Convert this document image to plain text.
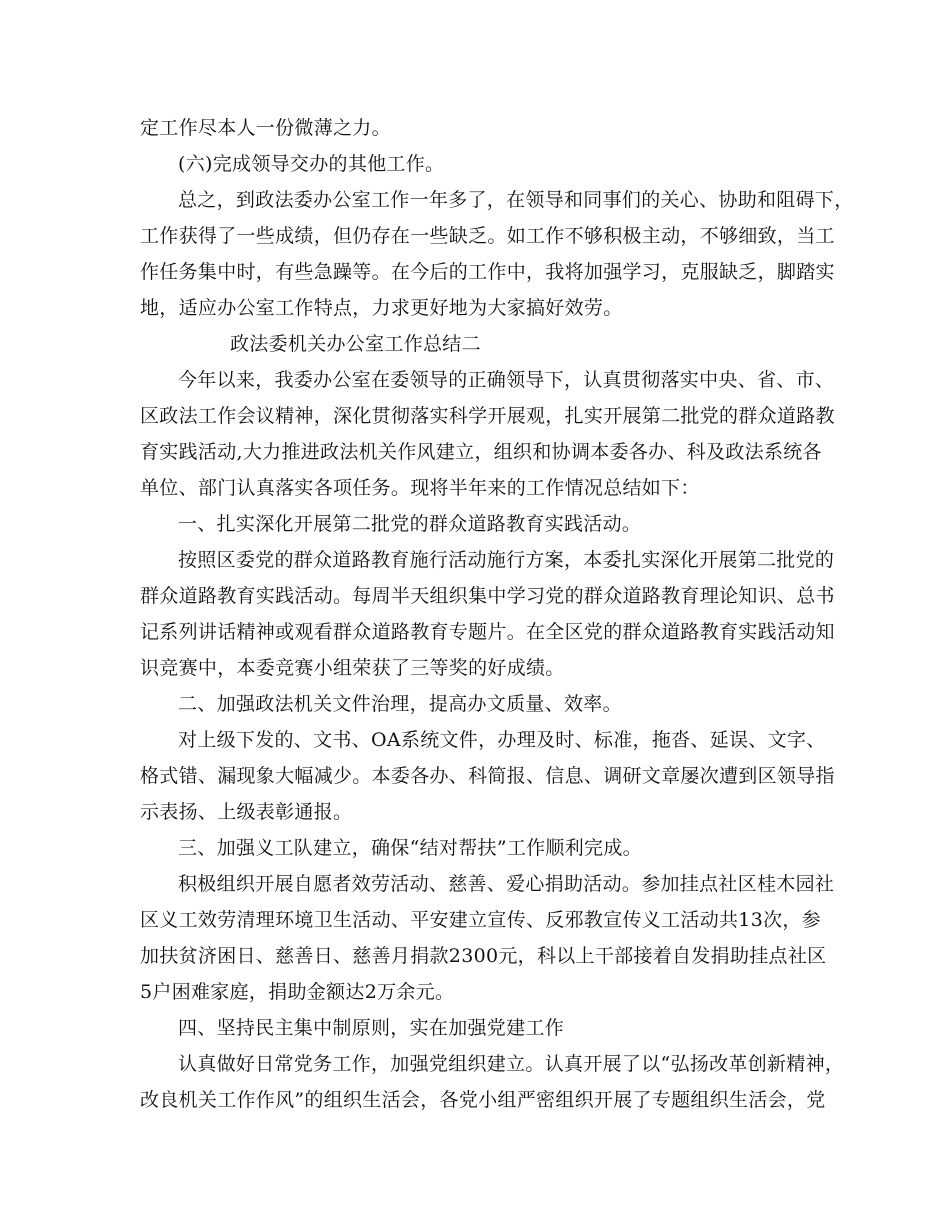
定工作尽本人一份微薄之力。
(六)完成领导交办的其他工作。
总之，到政法委办公室工作一年多了，在领导和同事们的关心、协助和阻碍下，
工作获得了一些成绩，但仍存在一些缺乏。如工作不够积极主动，不够细致，当工
作任务集中时，有些急躁等。在今后的工作中，我将加强学习，克服缺乏，脚踏实
地，适应办公室工作特点，力求更好地为大家搞好效劳。
政法委机关办公室工作总结二
今年以来，我委办公室在委领导的正确领导下，认真贯彻落实中央、省、市、
区政法工作会议精神，深化贯彻落实科学开展观，扎实开展第二批党的群众道路教
育实践活动,大力推进政法机关作风建立，组织和协调本委各办、科及政法系统各
单位、部门认真落实各项任务。现将半年来的工作情况总结如下：
一、扎实深化开展第二批党的群众道路教育实践活动。
按照区委党的群众道路教育施行活动施行方案，本委扎实深化开展第二批党的
群众道路教育实践活动。每周半天组织集中学习党的群众道路教育理论知识、总书
记系列讲话精神或观看群众道路教育专题片。在全区党的群众道路教育实践活动知
识竞赛中，本委竞赛小组荣获了三等奖的好成绩。
二、加强政法机关文件治理，提高办文质量、效率。
对上级下发的、文书、OA系统文件，办理及时、标准，拖沓、延误、文字、
格式错、漏现象大幅减少。本委各办、科简报、信息、调研文章屡次遭到区领导指
示表扬、上级表彰通报。
三、加强义工队建立，确保“结对帮扶”工作顺利完成。
积极组织开展自愿者效劳活动、慈善、爱心捐助活动。参加挂点社区桂木园社
区义工效劳清理环境卫生活动、平安建立宣传、反邪教宣传义工活动共13次，参
加扶贫济困日、慈善日、慈善月捐款2300元，科以上干部接着自发捐助挂点社区
5户困难家庭，捐助金额达2万余元。
四、坚持民主集中制原则，实在加强党建工作
认真做好日常党务工作，加强党组织建立。认真开展了以“弘扬改革创新精神，
改良机关工作作风”的组织生活会，各党小组严密组织开展了专题组织生活会，党
